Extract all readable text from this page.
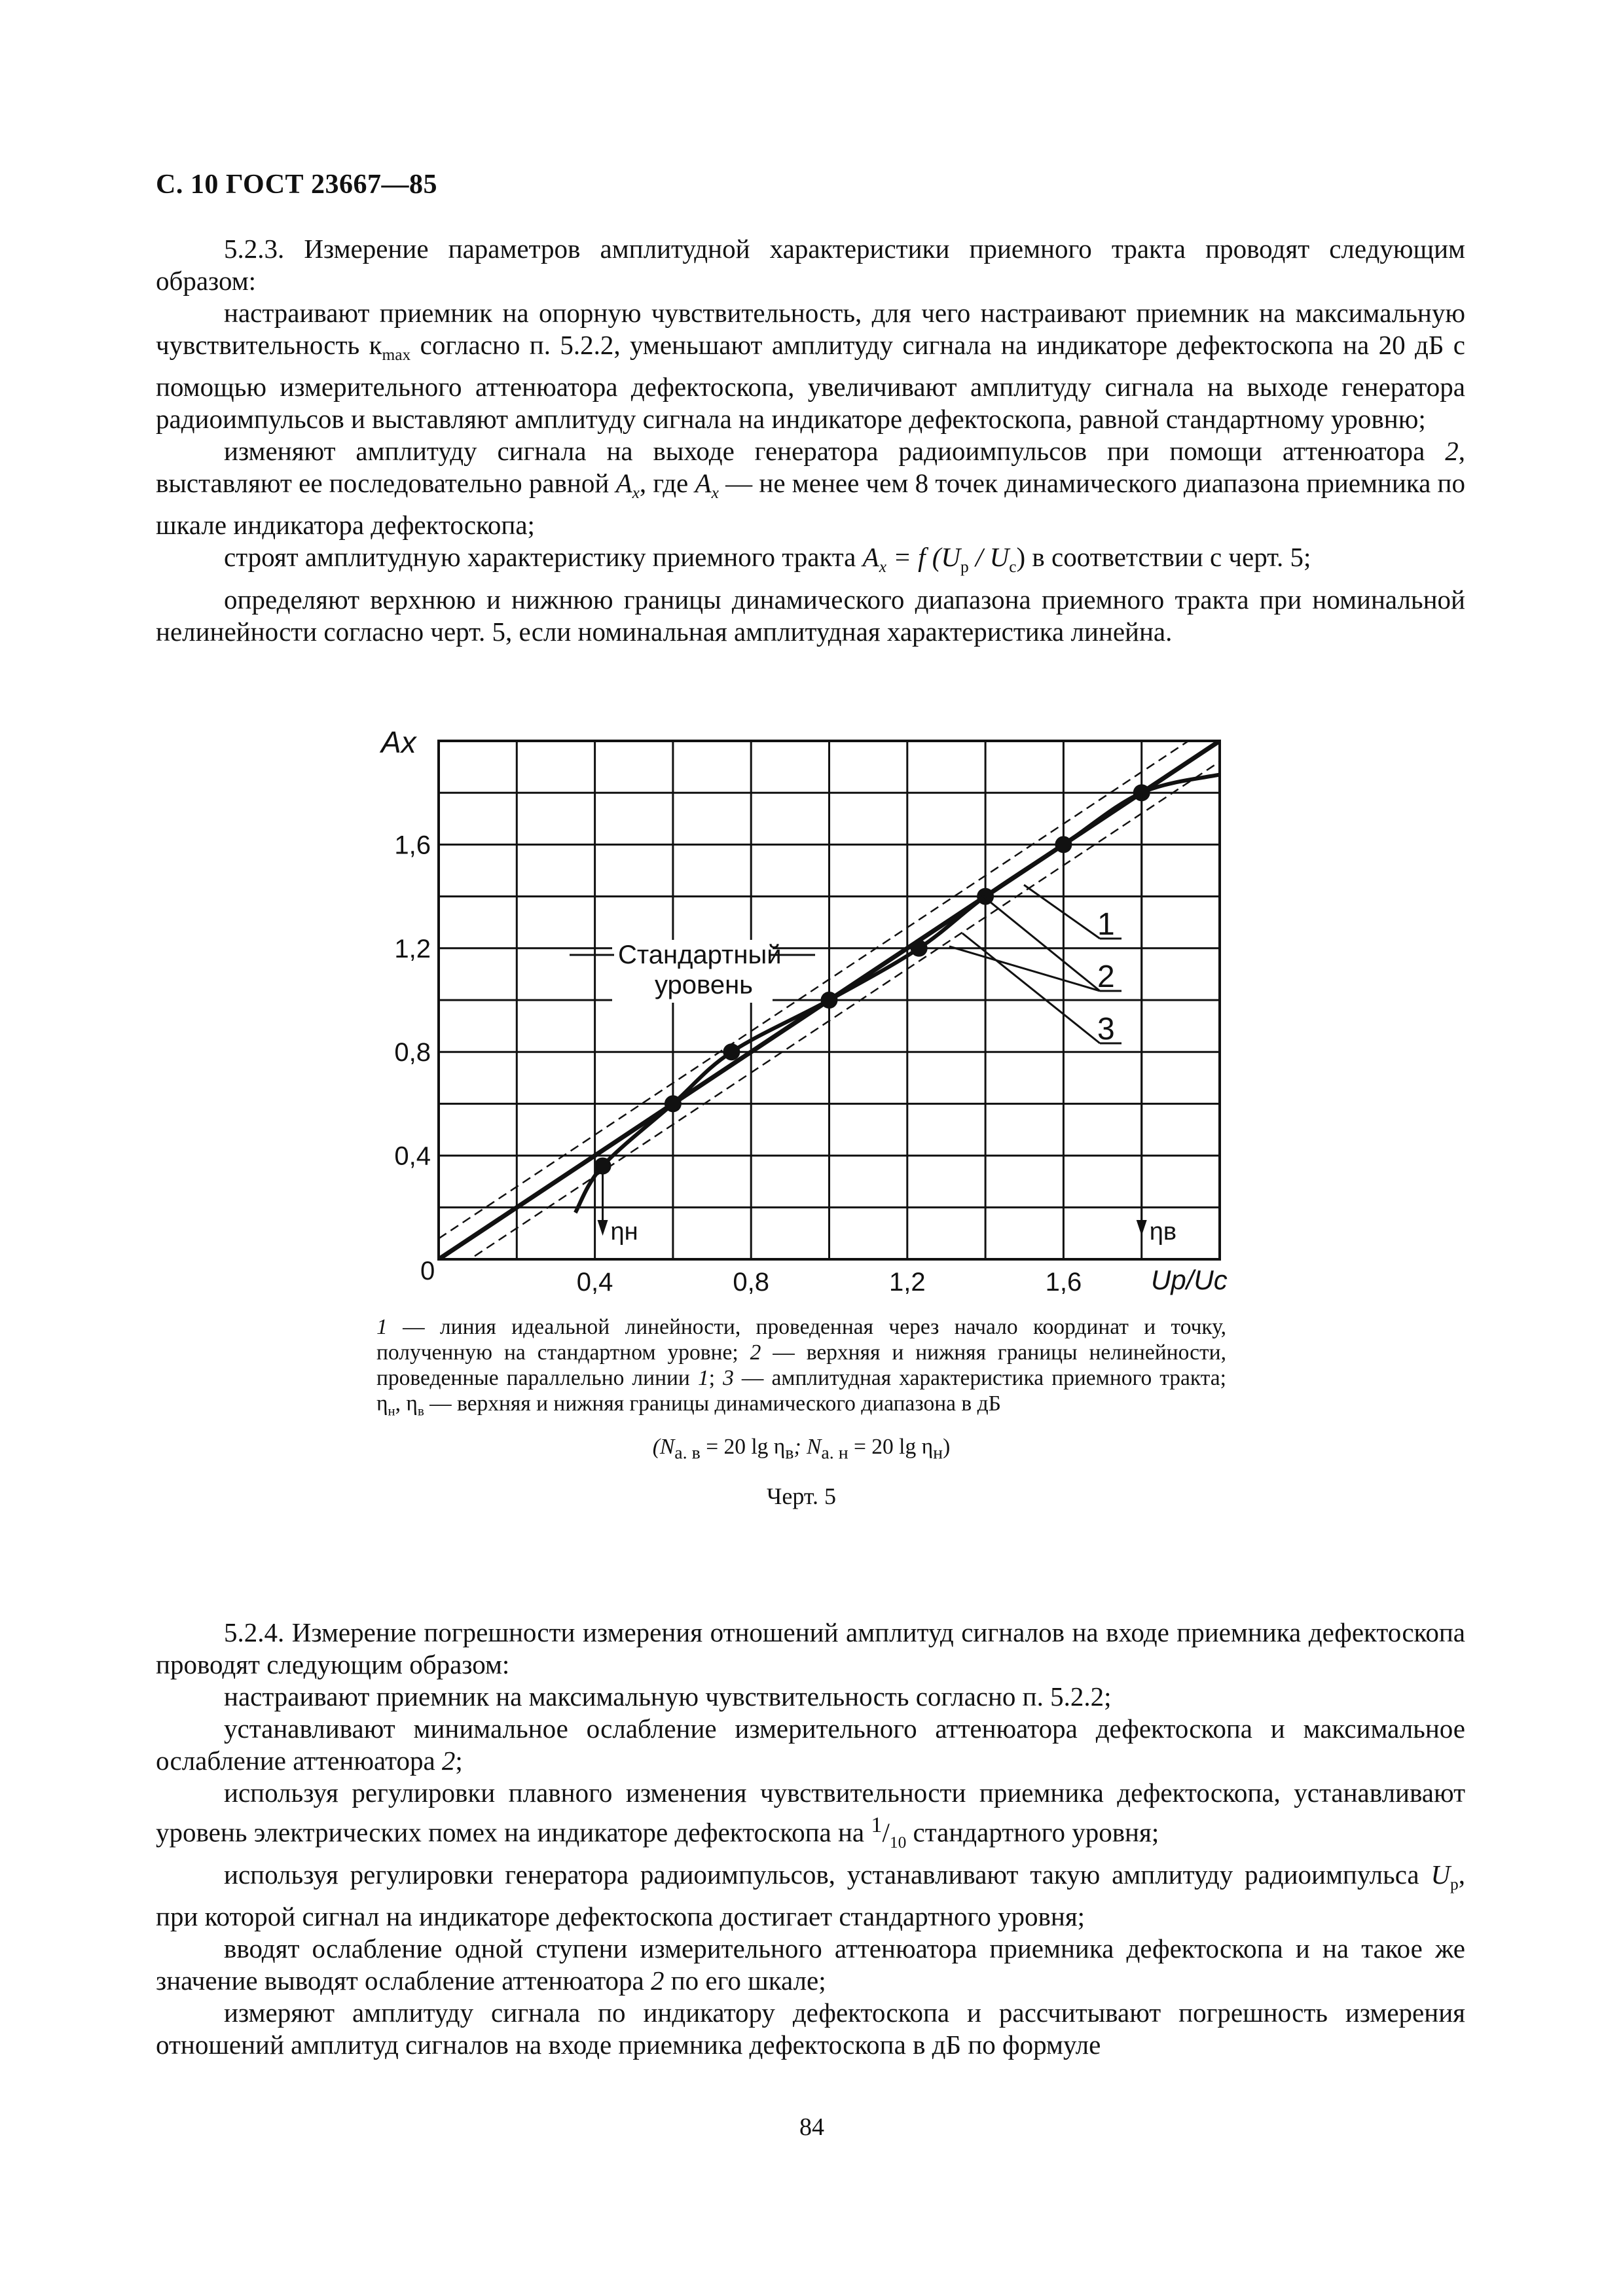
С. 10 ГОСТ 23667—85

5.2.3. Измерение параметров амплитудной характеристики приемного тракта проводят следующим образом:

настраивают приемник на опорную чувствительность, для чего настраивают приемник на максимальную чувствительность $к_{max}$ согласно п. 5.2.2, уменьшают амплитуду сигнала на индикаторе дефектоскопа на 20 дБ с помощью измерительного аттенюатора дефектоскопа, увеличивают амплитуду сигнала на выходе генератора радиоимпульсов и выставляют амплитуду сигнала на индикаторе дефектоскопа, равной стандартному уровню;

изменяют амплитуду сигнала на выходе генератора радиоимпульсов при помощи аттенюатора 2, выставляют ее последовательно равной $A_x$, где $A_x$ — не менее чем 8 точек динамического диапазона приемника по шкале индикатора дефектоскопа;

строят амплитудную характеристику приемного тракта $A_x = f$ $(U_р / U_с)$ в соответствии с черт. 5;

определяют верхнюю и нижнюю границы динамического диапазона приемного тракта при номинальной нелинейности согласно черт. 5, если номинальная амплитудная характеристика линейна.

0,4	0,8	1,2	1,6
0,4
0,8
1,2
1,6
Ax
Uр/Uс
0
Стандартный
уровень
1
2
3
ηн	ηв

1 — линия идеальной линейности, проведенная через начало координат и точку, полученную на стандартном уровне; 2 — верхняя и нижняя границы нелинейности, проведенные параллельно линии 1; 3 — амплитудная характеристика приемного тракта; $\eta_н$, $\eta_в$ — верхняя и нижняя границы динамического диапазона в дБ

($N_{а. в} = 20$ $\lg \eta_в$; $N_{а. н} = 20$ $\lg \eta_н$)
Черт. 5

5.2.4. Измерение погрешности измерения отношений амплитуд сигналов на входе приемника дефектоскопа проводят следующим образом:

настраивают приемник на максимальную чувствительность согласно п. 5.2.2;

устанавливают минимальное ослабление измерительного аттенюатора дефектоскопа и максимальное ослабление аттенюатора 2;

используя регулировки плавного изменения чувствительности приемника дефектоскопа, устанавливают уровень электрических помех на индикаторе дефектоскопа на $^1/_{10}$ стандартного уровня;

используя регулировки генератора радиоимпульсов, устанавливают такую амплитуду радиоимпульса $U_р$, при которой сигнал на индикаторе дефектоскопа достигает стандартного уровня;

вводят ослабление одной ступени измерительного аттенюатора приемника дефектоскопа и на такое же значение выводят ослабление аттенюатора 2 по его шкале;

измеряют амплитуду сигнала по индикатору дефектоскопа и рассчитывают погрешность измерения отношений амплитуд сигналов на входе приемника дефектоскопа в дБ по формуле

84
